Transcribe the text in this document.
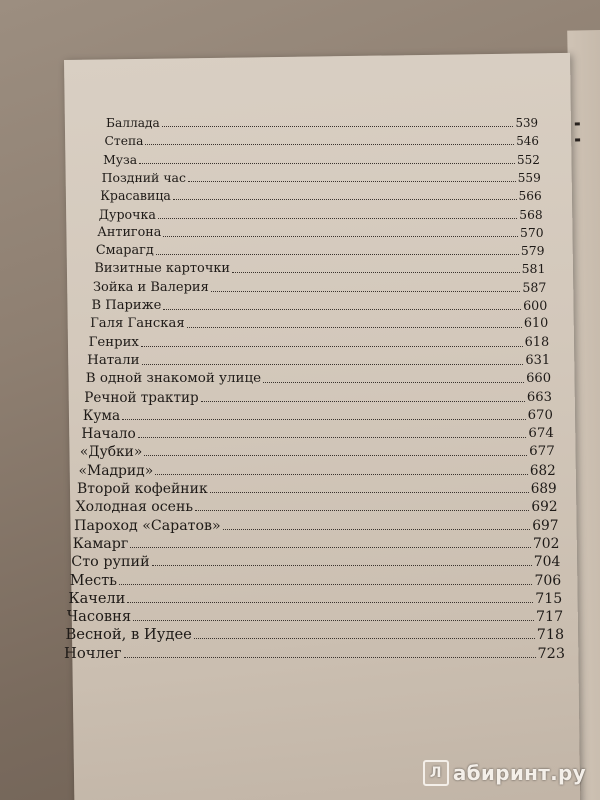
Баллада	539
Степа	546
Муза	552
Поздний час	559
Красавица	566
Дурочка	568
Антигона	570
Смарагд	579
Визитные карточки	581
Зойка и Валерия	587
В Париже	600
Галя Ганская	610
Генрих	618
Натали	631
В одной знакомой улице	660
Речной трактир	663
Кума	670
Начало	674
«Дубки»	677
«Мадрид»	682
Второй кофейник	689
Холодная осень	692
Пароход «Саратов»	697
Камарг	702
Сто рупий	704
Месть	706
Качели	715
Часовня	717
Весной, в Иудее	718
Ночлег	723
Л абиринт.ру
